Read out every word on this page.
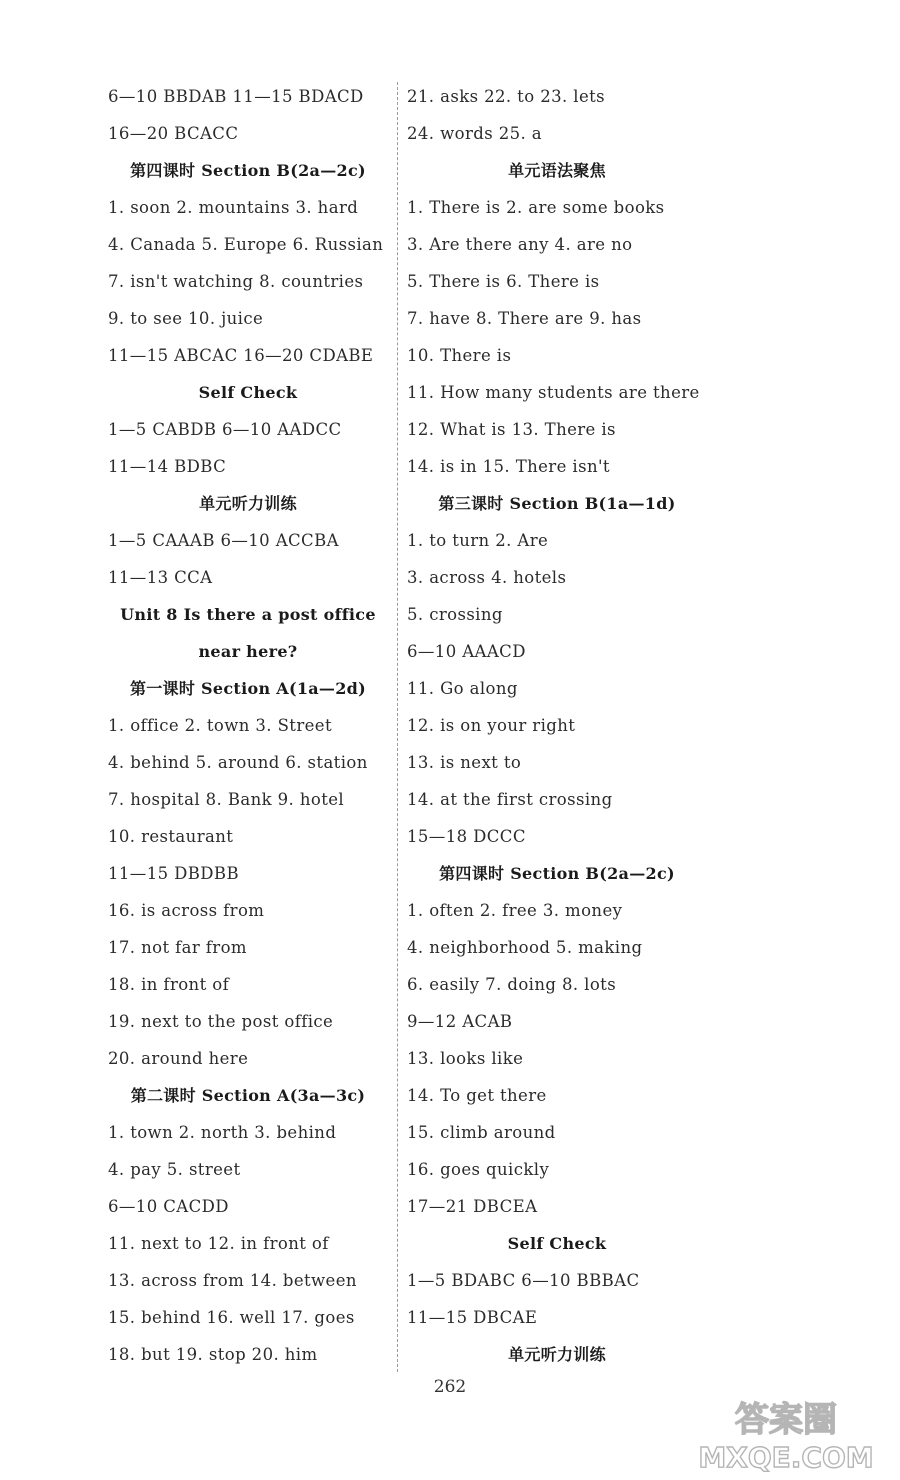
6—10 BBDAB 11—15 BDACD
16—20 BCACC
第四课时 Section B(2a—2c)
1. soon 2. mountains 3. hard
4. Canada 5. Europe 6. Russian
7. isn't watching 8. countries
9. to see 10. juice
11—15 ABCAC 16—20 CDABE
Self Check
1—5 CABDB 6—10 AADCC
11—14 BDBC
单元听力训练
1—5 CAAAB 6—10 ACCBA
11—13 CCA
Unit 8 Is there a post office
near here?
第一课时 Section A(1a—2d)
1. office 2. town 3. Street
4. behind 5. around 6. station
7. hospital 8. Bank 9. hotel
10. restaurant
11—15 DBDBB
16. is across from
17. not far from
18. in front of
19. next to the post office
20. around here
第二课时 Section A(3a—3c)
1. town 2. north 3. behind
4. pay 5. street
6—10 CACDD
11. next to 12. in front of
13. across from 14. between
15. behind 16. well 17. goes
18. but 19. stop 20. him
21. asks 22. to 23. lets
24. words 25. a
单元语法聚焦
1. There is 2. are some books
3. Are there any 4. are no
5. There is 6. There is
7. have 8. There are 9. has
10. There is
11. How many students are there
12. What is 13. There is
14. is in 15. There isn't
第三课时 Section B(1a—1d)
1. to turn 2. Are
3. across 4. hotels
5. crossing
6—10 AAACD
11. Go along
12. is on your right
13. is next to
14. at the first crossing
15—18 DCCC
第四课时 Section B(2a—2c)
1. often 2. free 3. money
4. neighborhood 5. making
6. easily 7. doing 8. lots
9—12 ACAB
13. looks like
14. To get there
15. climb around
16. goes quickly
17—21 DBCEA
Self Check
1—5 BDABC 6—10 BBBAC
11—15 DBCAE
单元听力训练
262
答案圈
MXQE.COM
